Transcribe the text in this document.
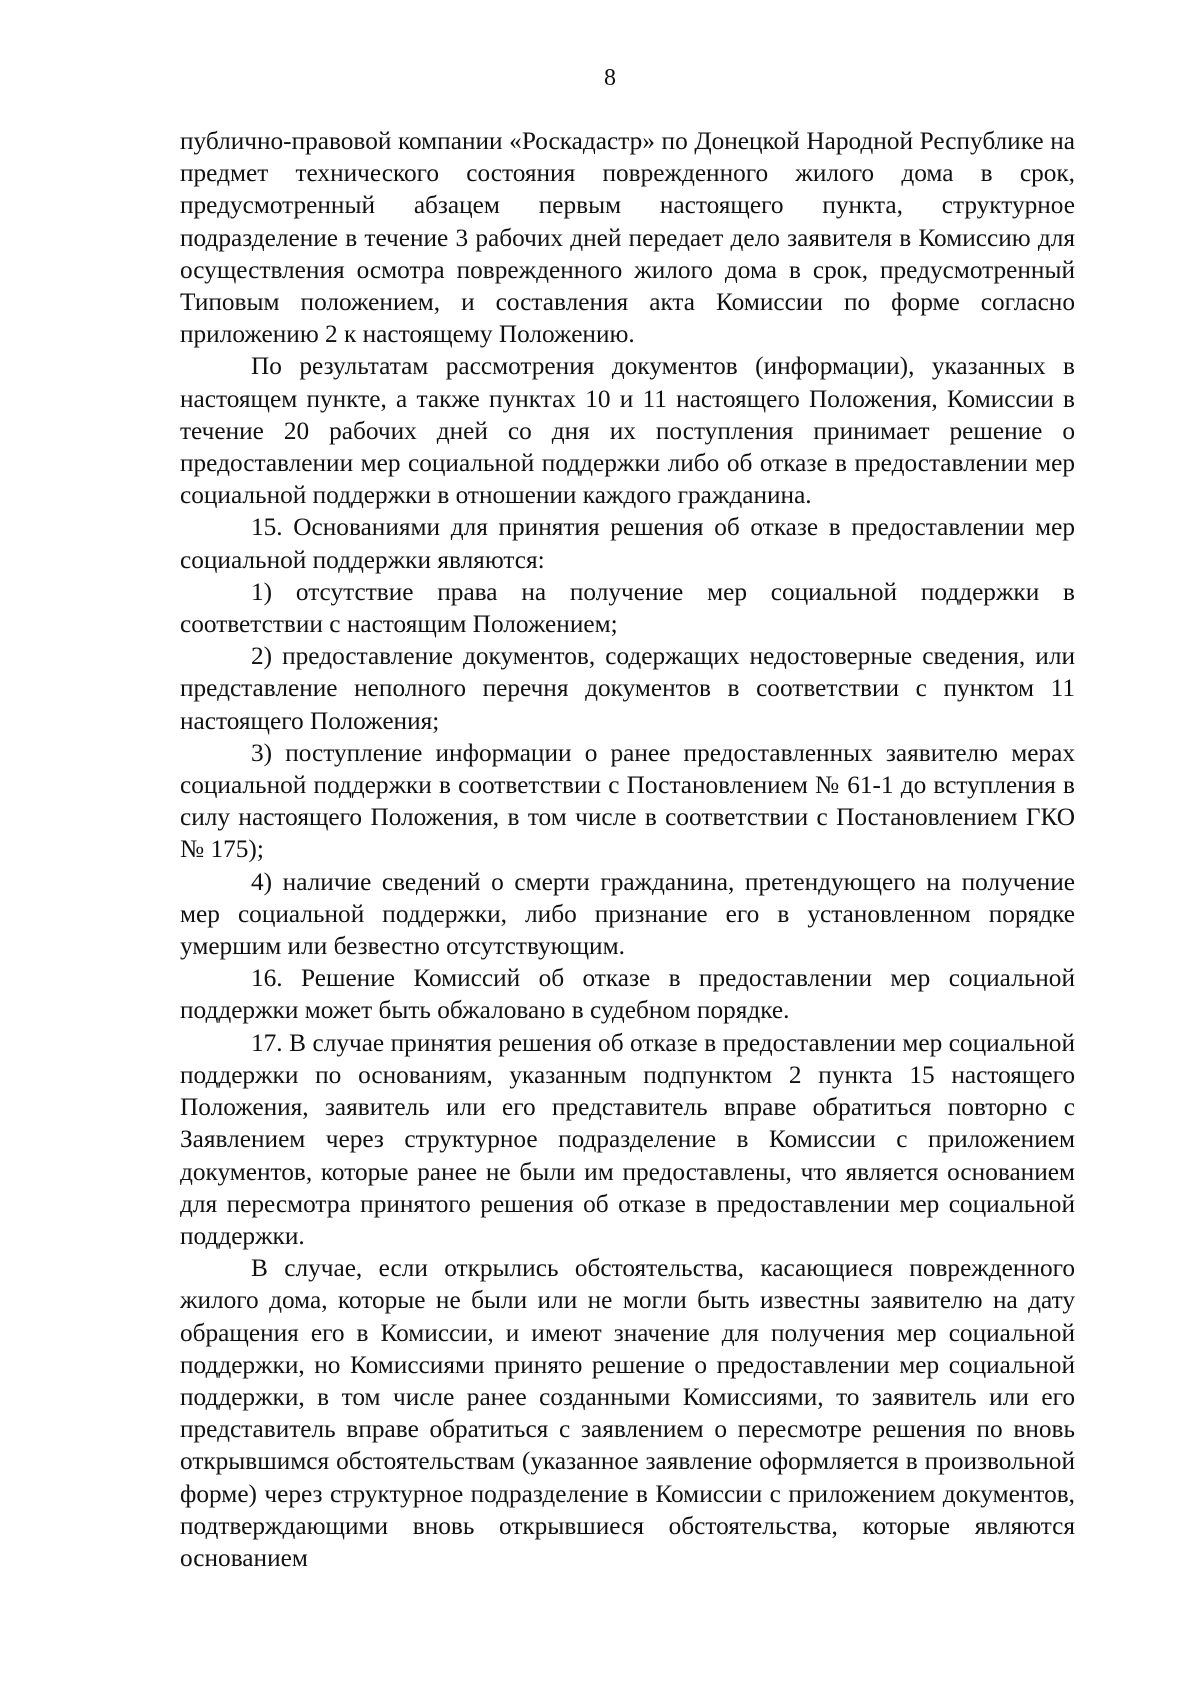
8

публично-правовой компании «Роскадастр» по Донецкой Народной Республике на предмет технического состояния поврежденного жилого дома в срок, предусмотренный абзацем первым настоящего пункта, структурное подразделение в течение 3 рабочих дней передает дело заявителя в Комиссию для осуществления осмотра поврежденного жилого дома в срок, предусмотренный Типовым положением, и составления акта Комиссии по форме согласно приложению 2 к настоящему Положению.

По результатам рассмотрения документов (информации), указанных в настоящем пункте, а также пунктах 10 и 11 настоящего Положения, Комиссии в течение 20 рабочих дней со дня их поступления принимает решение о предоставлении мер социальной поддержки либо об отказе в предоставлении мер социальной поддержки в отношении каждого гражданина.

15. Основаниями для принятия решения об отказе в предоставлении мер социальной поддержки являются:

1) отсутствие права на получение мер социальной поддержки в соответствии с настоящим Положением;

2) предоставление документов, содержащих недостоверные сведения, или представление неполного перечня документов в соответствии с пунктом 11 настоящего Положения;

3) поступление информации о ранее предоставленных заявителю мерах социальной поддержки в соответствии с Постановлением № 61-1 до вступления в силу настоящего Положения, в том числе в соответствии с Постановлением ГКО № 175);

4) наличие сведений о смерти гражданина, претендующего на получение мер социальной поддержки, либо признание его в установленном порядке умершим или безвестно отсутствующим.

16. Решение Комиссий об отказе в предоставлении мер социальной поддержки может быть обжаловано в судебном порядке.

17. В случае принятия решения об отказе в предоставлении мер социальной поддержки по основаниям, указанным подпунктом 2 пункта 15 настоящего Положения, заявитель или его представитель вправе обратиться повторно с Заявлением через структурное подразделение в Комиссии с приложением документов, которые ранее не были им предоставлены, что является основанием для пересмотра принятого решения об отказе в предоставлении мер социальной поддержки.

В случае, если открылись обстоятельства, касающиеся поврежденного жилого дома, которые не были или не могли быть известны заявителю на дату обращения его в Комиссии, и имеют значение для получения мер социальной поддержки, но Комиссиями принято решение о предоставлении мер социальной поддержки, в том числе ранее созданными Комиссиями, то заявитель или его представитель вправе обратиться с заявлением о пересмотре решения по вновь открывшимся обстоятельствам (указанное заявление оформляется в произвольной форме) через структурное подразделение в Комиссии с приложением документов, подтверждающими вновь открывшиеся обстоятельства, которые являются основанием
